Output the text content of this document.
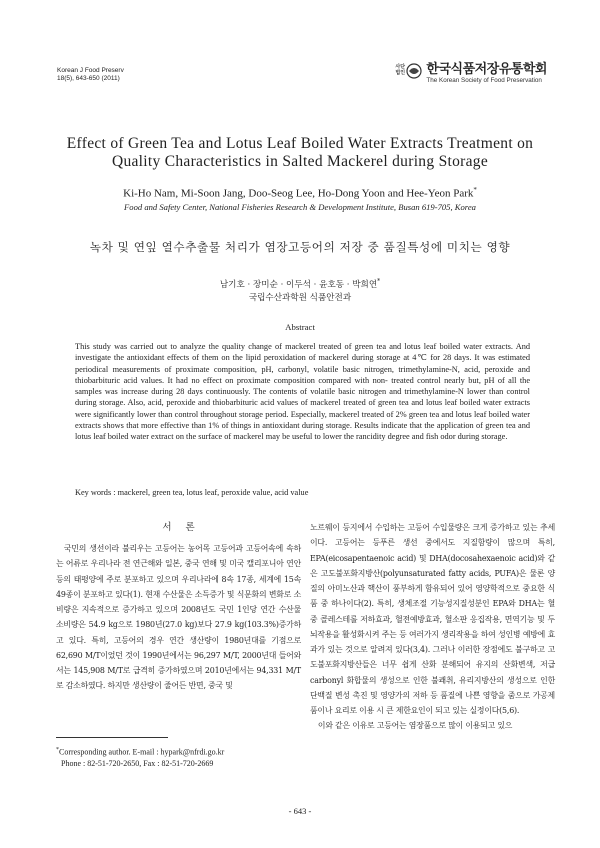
Korean J Food Preserv
18(5), 643-650 (2011)
사단법인 한국식품저장유통학회
The Korean Society of Food Preservation
Effect of Green Tea and Lotus Leaf Boiled Water Extracts Treatment on
Quality Characteristics in Salted Mackerel during Storage
Ki-Ho Nam, Mi-Soon Jang, Doo-Seog Lee, Ho-Dong Yoon and Hee-Yeon Park*
Food and Safety Center, National Fisheries Research & Development Institute, Busan 619-705, Korea
녹차 및 연잎 열수추출물 처리가 염장고등어의 저장 중 품질특성에 미치는 영향
남기호 · 장미순 · 이두석 · 윤호동 · 박희연*
국립수산과학원 식품안전과
Abstract
This study was carried out to analyze the quality change of mackerel treated of green tea and lotus leaf boiled water extracts. And investigate the antioxidant effects of them on the lipid peroxidation of mackerel during storage at 4℃ for 28 days. It was estimated periodical measurements of proximate composition, pH, carbonyl, volatile basic nitrogen, trimethylamine-N, acid, peroxide and thiobarbituric acid values. It had no effect on proximate composition compared with non- treated control nearly but, pH of all the samples was increase during 28 days continuously. The contents of volatile basic nitrogen and trimethylamine-N lower than control during storage. Also, acid, peroxide and thiobarbituric acid values of mackerel treated of green tea and lotus leaf boiled water extracts were significantly lower than control throughout storage period. Especially, mackerel treated of 2% green tea and lotus leaf boiled water extracts shows that more effective than 1% of things in antioxidant during storage. Results indicate that the application of green tea and lotus leaf boiled water extract on the surface of mackerel may be useful to lower the rancidity degree and fish odor during storage.
Key words : mackerel, green tea, lotus leaf, peroxide value, acid value
서론

국민의 생선이라 불리우는 고등어는 농어목 고등어과 고등어속에 속하는 어류로 우리나라 전 연근해와 일본, 중국 연해 및 미국 캘리포니아 연안 등의 태평양에 주로 분포하고 있으며 우리나라에 8속 17종, 세계에 15속 49종이 분포하고 있다(1). 현재 수산물은 소득증가 및 식문화의 변화로 소비량은 지속적으로 증가하고 있으며 2008년도 국민 1인당 연간 수산물 소비량은 54.9 kg으로 1980년(27.0 kg)보다 27.9 kg(103.3%)증가하고 있다. 특히, 고등어의 경우 연간 생산량이 1980년대를 기점으로 62,690 M/T이었던 것이 1990년에서는 96,297 M/T, 2000년대 들어와서는 145,908 M/T로 급격히 증가하였으며 2010년에서는 94,331 M/T로 감소하였다. 하지만 생산량이 줄어든 반면, 중국 및

노르웨이 등지에서 수입하는 고등어 수입물량은 크게 증가하고 있는 추세이다. 고등어는 등푸른 생선 중에서도 지질함량이 많으며 특히, EPA(eicosapentaenoic acid) 및 DHA(docosahexaenoic acid)와 같은 고도불포화지방산(polyunsaturated fatty acids, PUFA)은 물론 양질의 아미노산과 핵산이 풍부하게 함유되어 있어 영양학적으로 중요한 식품 중 하나이다(2). 특히, 생체조절 기능성지질성분인 EPA와 DHA는 혈중 콜레스테롤 저하효과, 혈전예방효과, 혈소판 응집작용, 면역기능 및 두뇌작용을 활성화시켜 주는 등 여러가지 생리작용을 하여 성인병 예방에 효과가 있는 것으로 알려져 있다(3,4). 그러나 이러한 장점에도 불구하고 고도불포화지방산들은 너무 쉽게 산화 분해되어 유지의 산화변색, 저급 carbonyl 화합물의 생성으로 인한 불쾌취, 유리지방산의 생성으로 인한 단백질 변성 촉진 및 영양가의 저하 등 품질에 나쁜 영향을 줌으로 가공제품이나 요리로 이용 시 큰 제한요인이 되고 있는 실정이다(5,6).

이와 같은 이유로 고등어는 염장품으로 많이 이용되고 있으

*Corresponding author. E-mail : hypark@nfrdi.go.kr
Phone : 82-51-720-2650, Fax : 82-51-720-2669
- 643 -
